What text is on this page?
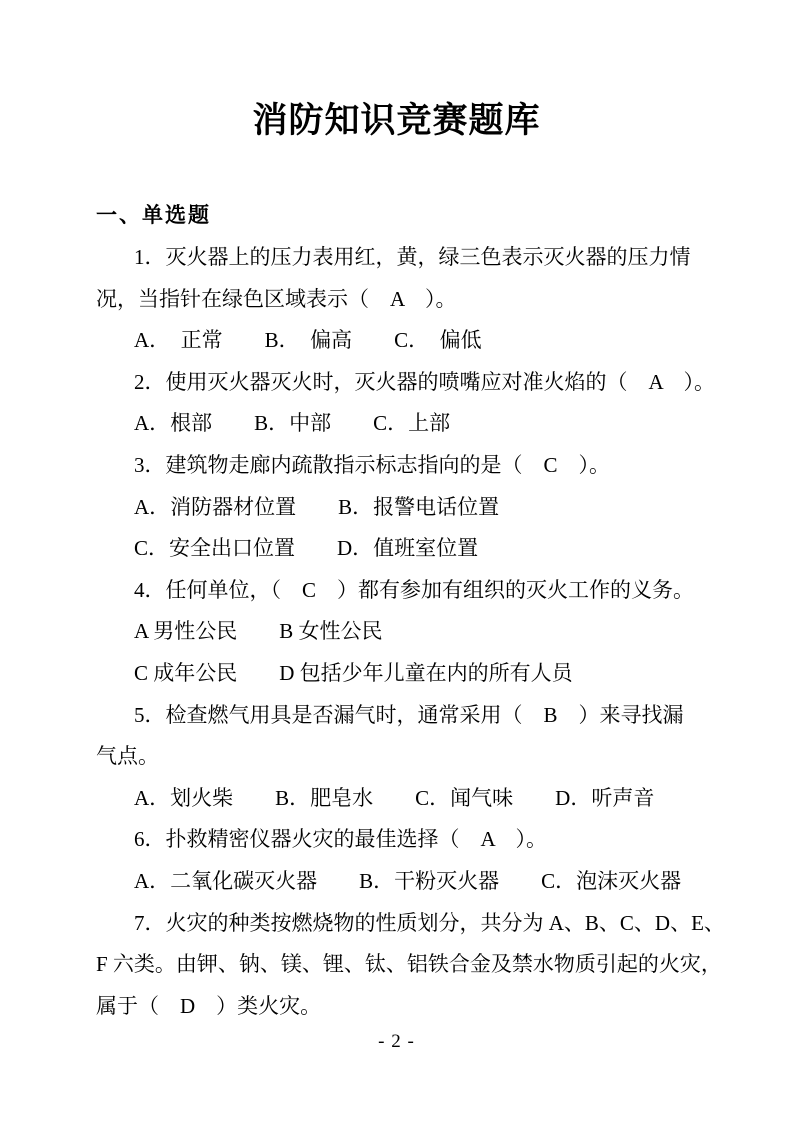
消防知识竞赛题库
一、单选题

1．灭火器上的压力表用红，黄，绿三色表示灭火器的压力情

况，当指针在绿色区域表示（　A　）。

A．　正常　　B．　偏高　　C．　偏低

2．使用灭火器灭火时，灭火器的喷嘴应对准火焰的（　A　）。

A．根部　　B．中部　　C．上部

3．建筑物走廊内疏散指示标志指向的是（　C　）。

A．消防器材位置　　B．报警电话位置

C．安全出口位置　　D．值班室位置

4．任何单位，（　C　）都有参加有组织的灭火工作的义务。

A 男性公民　　B 女性公民

C 成年公民　　D 包括少年儿童在内的所有人员

5．检查燃气用具是否漏气时，通常采用（　B　）来寻找漏

气点。

A．划火柴　　B．肥皂水　　C．闻气味　　D．听声音

6．扑救精密仪器火灾的最佳选择（　A　）。

A．二氧化碳灭火器　　B．干粉灭火器　　C．泡沫灭火器

7．火灾的种类按燃烧物的性质划分，共分为 A、B、C、D、E、

F 六类。由钾、钠、镁、锂、钛、铝铁合金及禁水物质引起的火灾，

属于（　D　）类火灾。

- 2 -
